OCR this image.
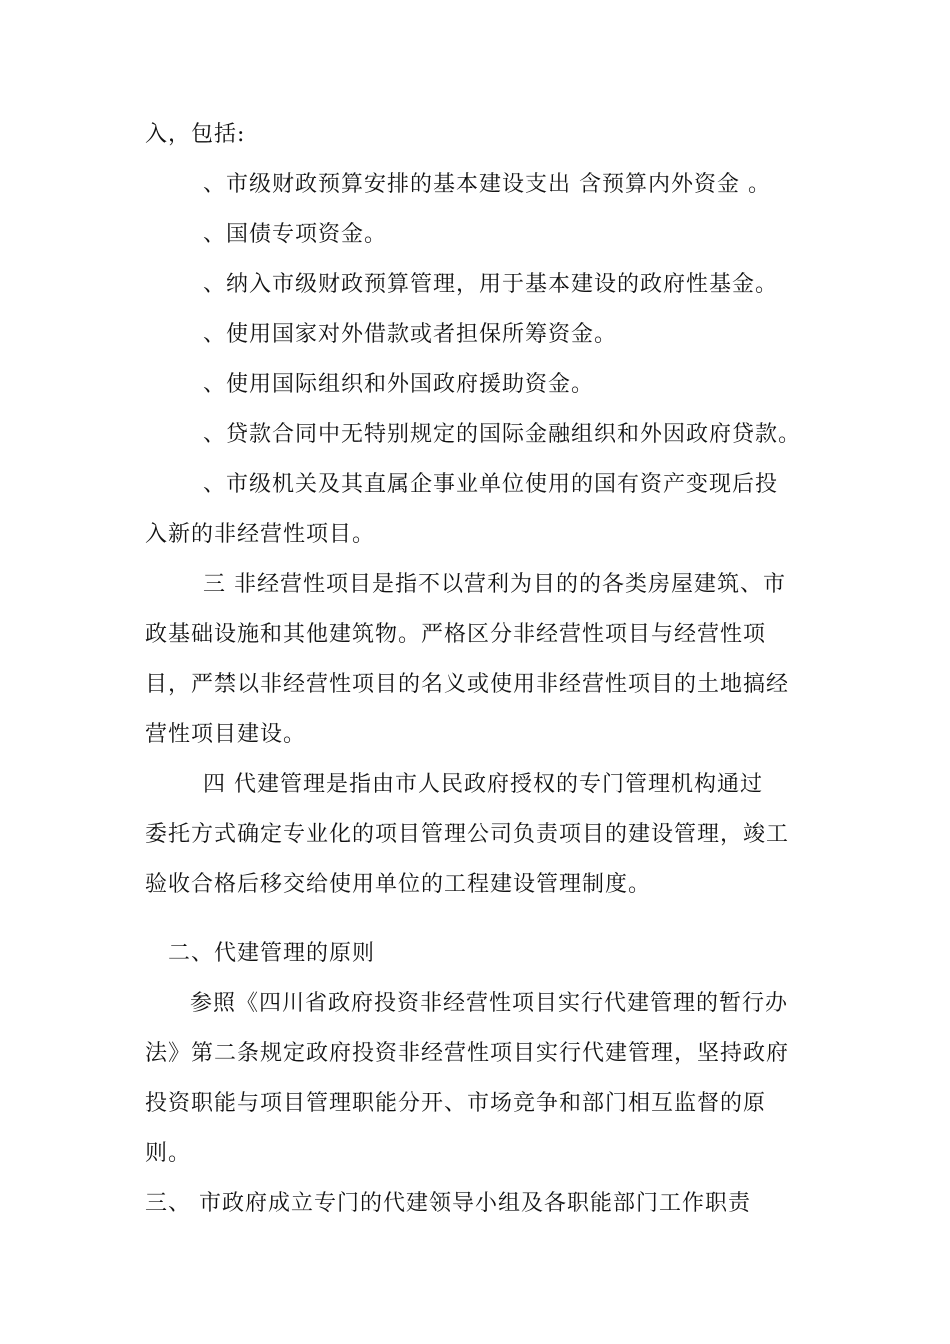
入，包括:
、市级财政预算安排的基本建设支出 含预算内外资金 。
、国债专项资金。
、纳入市级财政预算管理，用于基本建设的政府性基金。
、使用国家对外借款或者担保所筹资金。
、使用国际组织和外国政府援助资金。
、贷款合同中无特别规定的国际金融组织和外因政府贷款。
、市级机关及其直属企事业单位使用的国有资产变现后投
入新的非经营性项目。
三 非经营性项目是指不以营利为目的的各类房屋建筑、市
政基础设施和其他建筑物。严格区分非经营性项目与经营性项
目，严禁以非经营性项目的名义或使用非经营性项目的土地搞经
营性项目建设。
四 代建管理是指由市人民政府授权的专门管理机构通过
委托方式确定专业化的项目管理公司负责项目的建设管理，竣工
验收合格后移交给使用单位的工程建设管理制度。
二、代建管理的原则
参照《四川省政府投资非经营性项目实行代建管理的暂行办
法》第二条规定政府投资非经营性项目实行代建管理，坚持政府
投资职能与项目管理职能分开、市场竞争和部门相互监督的原
则。
三、 市政府成立专门的代建领导小组及各职能部门工作职责
